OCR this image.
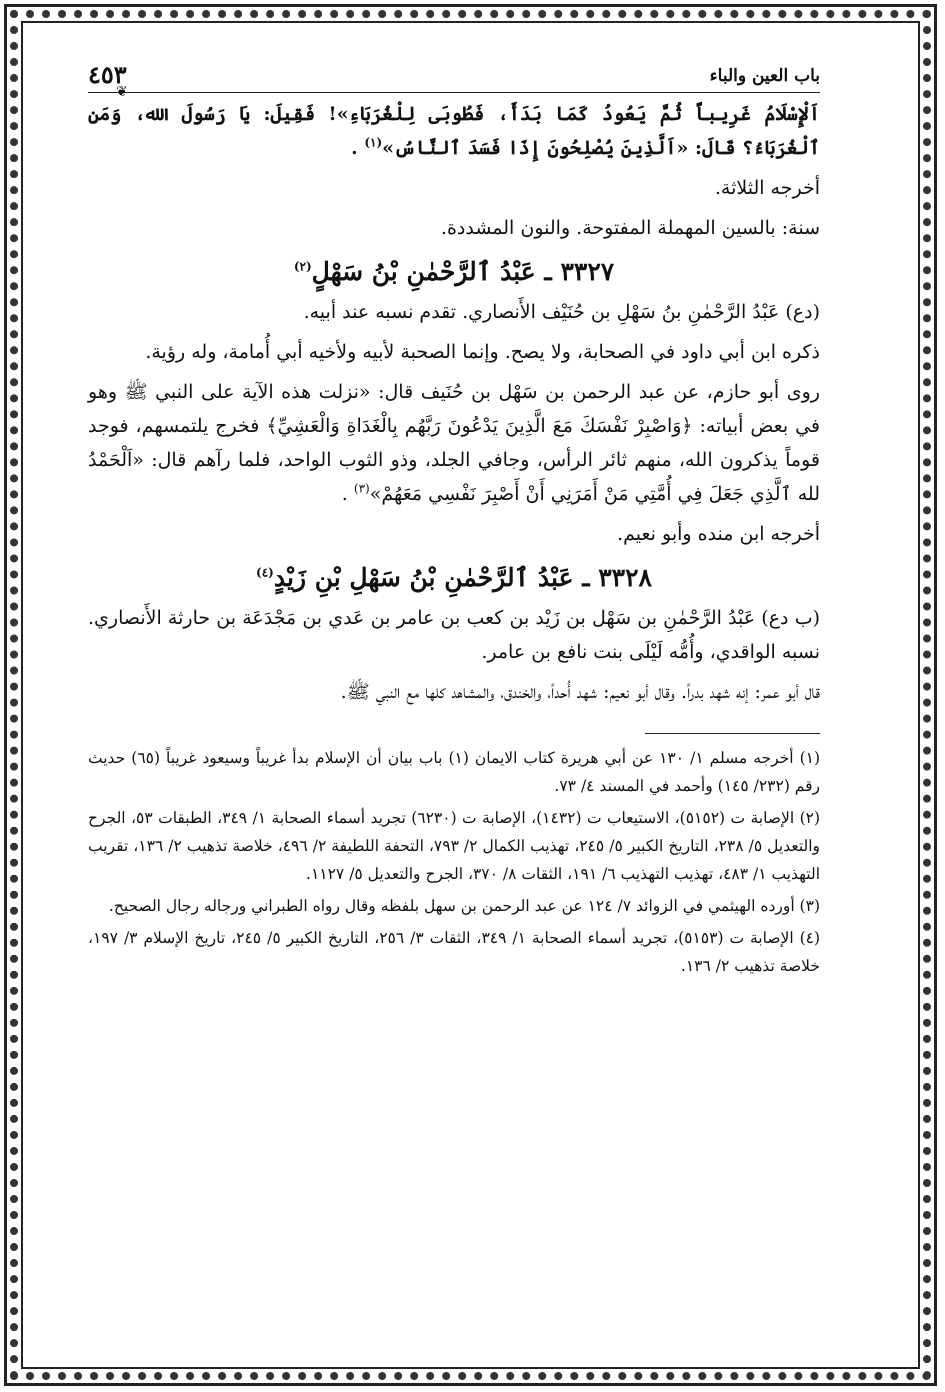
باب العين والباء
٤٥٣
❦

اَلْإِسْلَامُ غَرِيباً ثُمَّ يَعُودُ كَمَا بَدَأَ، فَطُوبَى لِلْغُرَبَاءِ»! فَقِيلَ: يَا رَسُولَ الله، وَمَنِ ٱلْغُرَبَاءُ؟ قَالَ: «اَلَّذِينَ يُصْلِحُونَ إِذَا فَسَدَ ٱلنَّاسُ»$^{(١)}$ .

أخرجه الثلاثة.

سنة: بالسين المهملة المفتوحة. والنون المشددة.

٣٣٢٧ ـ عَبْدُ ٱلرَّحْمٰنِ بْنُ سَهْلٍ$^{(٢)}$

(دع) عَبْدُ الرَّحْمٰنِ بنُ سَهْلِ بن حُنَيْف الأَنصاري. تقدم نسبه عند أبيه.

ذكره ابن أبي داود في الصحابة، ولا يصح. وإنما الصحبة لأبيه ولأخيه أبي أُمامة، وله رؤية.

روى أبو حازم، عن عبد الرحمن بن سَهْل بن حُنَيف قال: «نزلت هذه الآية على النبي ﷺ وهو في بعض أبياته: ﴿وَاصْبِرْ نَفْسَكَ مَعَ الَّذِينَ يَدْعُونَ رَبَّهُم بِالْغَدَاةِ وَالْعَشِيِّ﴾ فخرج يلتمسهم، فوجد قوماً يذكرون الله، منهم ثائر الرأس، وجافي الجلد، وذو الثوب الواحد، فلما رآهم قال: «اَلْحَمْدُ لله ٱلَّذِي جَعَلَ فِي أُمَّتِي مَنْ أَمَرَنِي أَنْ أَصْبِرَ نَفْسِي مَعَهُمْ»$^{(٣)}$ .

أخرجه ابن منده وأبو نعيم.

٣٣٢٨ ـ عَبْدُ ٱلرَّحْمٰنِ بْنُ سَهْلِ بْنِ زَيْدٍ$^{(٤)}$

(ب دع) عَبْدُ الرَّحْمٰنِ بن سَهْل بن زَيْد بن كعب بن عامر بن عَدي بن مَجْدَعَة بن حارثة الأَنصاري. نسبه الواقدي، وأُمُّه لَيْلَى بنت نافع بن عامر.

قال أبو عمر: إنه شهد بدراً. وقال أبو نعيم: شهد أُحداً، والخندق، والمشاهد كلها مع النبي ﷺ.

(١) أخرجه مسلم ١/ ١٣٠ عن أبي هريرة كتاب الايمان (١) باب بيان أن الإسلام بدأ غريباً وسيعود غريباً (٦٥) حديث رقم (٢٣٢/ ١٤٥) وأحمد في المسند ٤/ ٧٣.

(٢) الإصابة ت (٥١٥٢)، الاستيعاب ت (١٤٣٢)، الإصابة ت (٦٢٣٠) تجريد أسماء الصحابة ١/ ٣٤٩، الطبقات ٥٣، الجرح والتعديل ٥/ ٢٣٨، التاريخ الكبير ٥/ ٢٤٥، تهذيب الكمال ٢/ ٧٩٣، التحفة اللطيفة ٢/ ٤٩٦، خلاصة تذهيب ٢/ ١٣٦، تقريب التهذيب ١/ ٤٨٣، تهذيب التهذيب ٦/ ١٩١، الثقات ٨/ ٣٧٠، الجرح والتعديل ٥/ ١١٢٧.

(٣) أورده الهيثمي في الزوائد ٧/ ١٢٤ عن عبد الرحمن بن سهل بلفظه وقال رواه الطبراني ورجاله رجال الصحيح.

(٤) الإصابة ت (٥١٥٣)، تجريد أسماء الصحابة ١/ ٣٤٩، الثقات ٣/ ٢٥٦، التاريخ الكبير ٥/ ٢٤٥، تاريخ الإسلام ٣/ ١٩٧، خلاصة تذهيب ٢/ ١٣٦.
